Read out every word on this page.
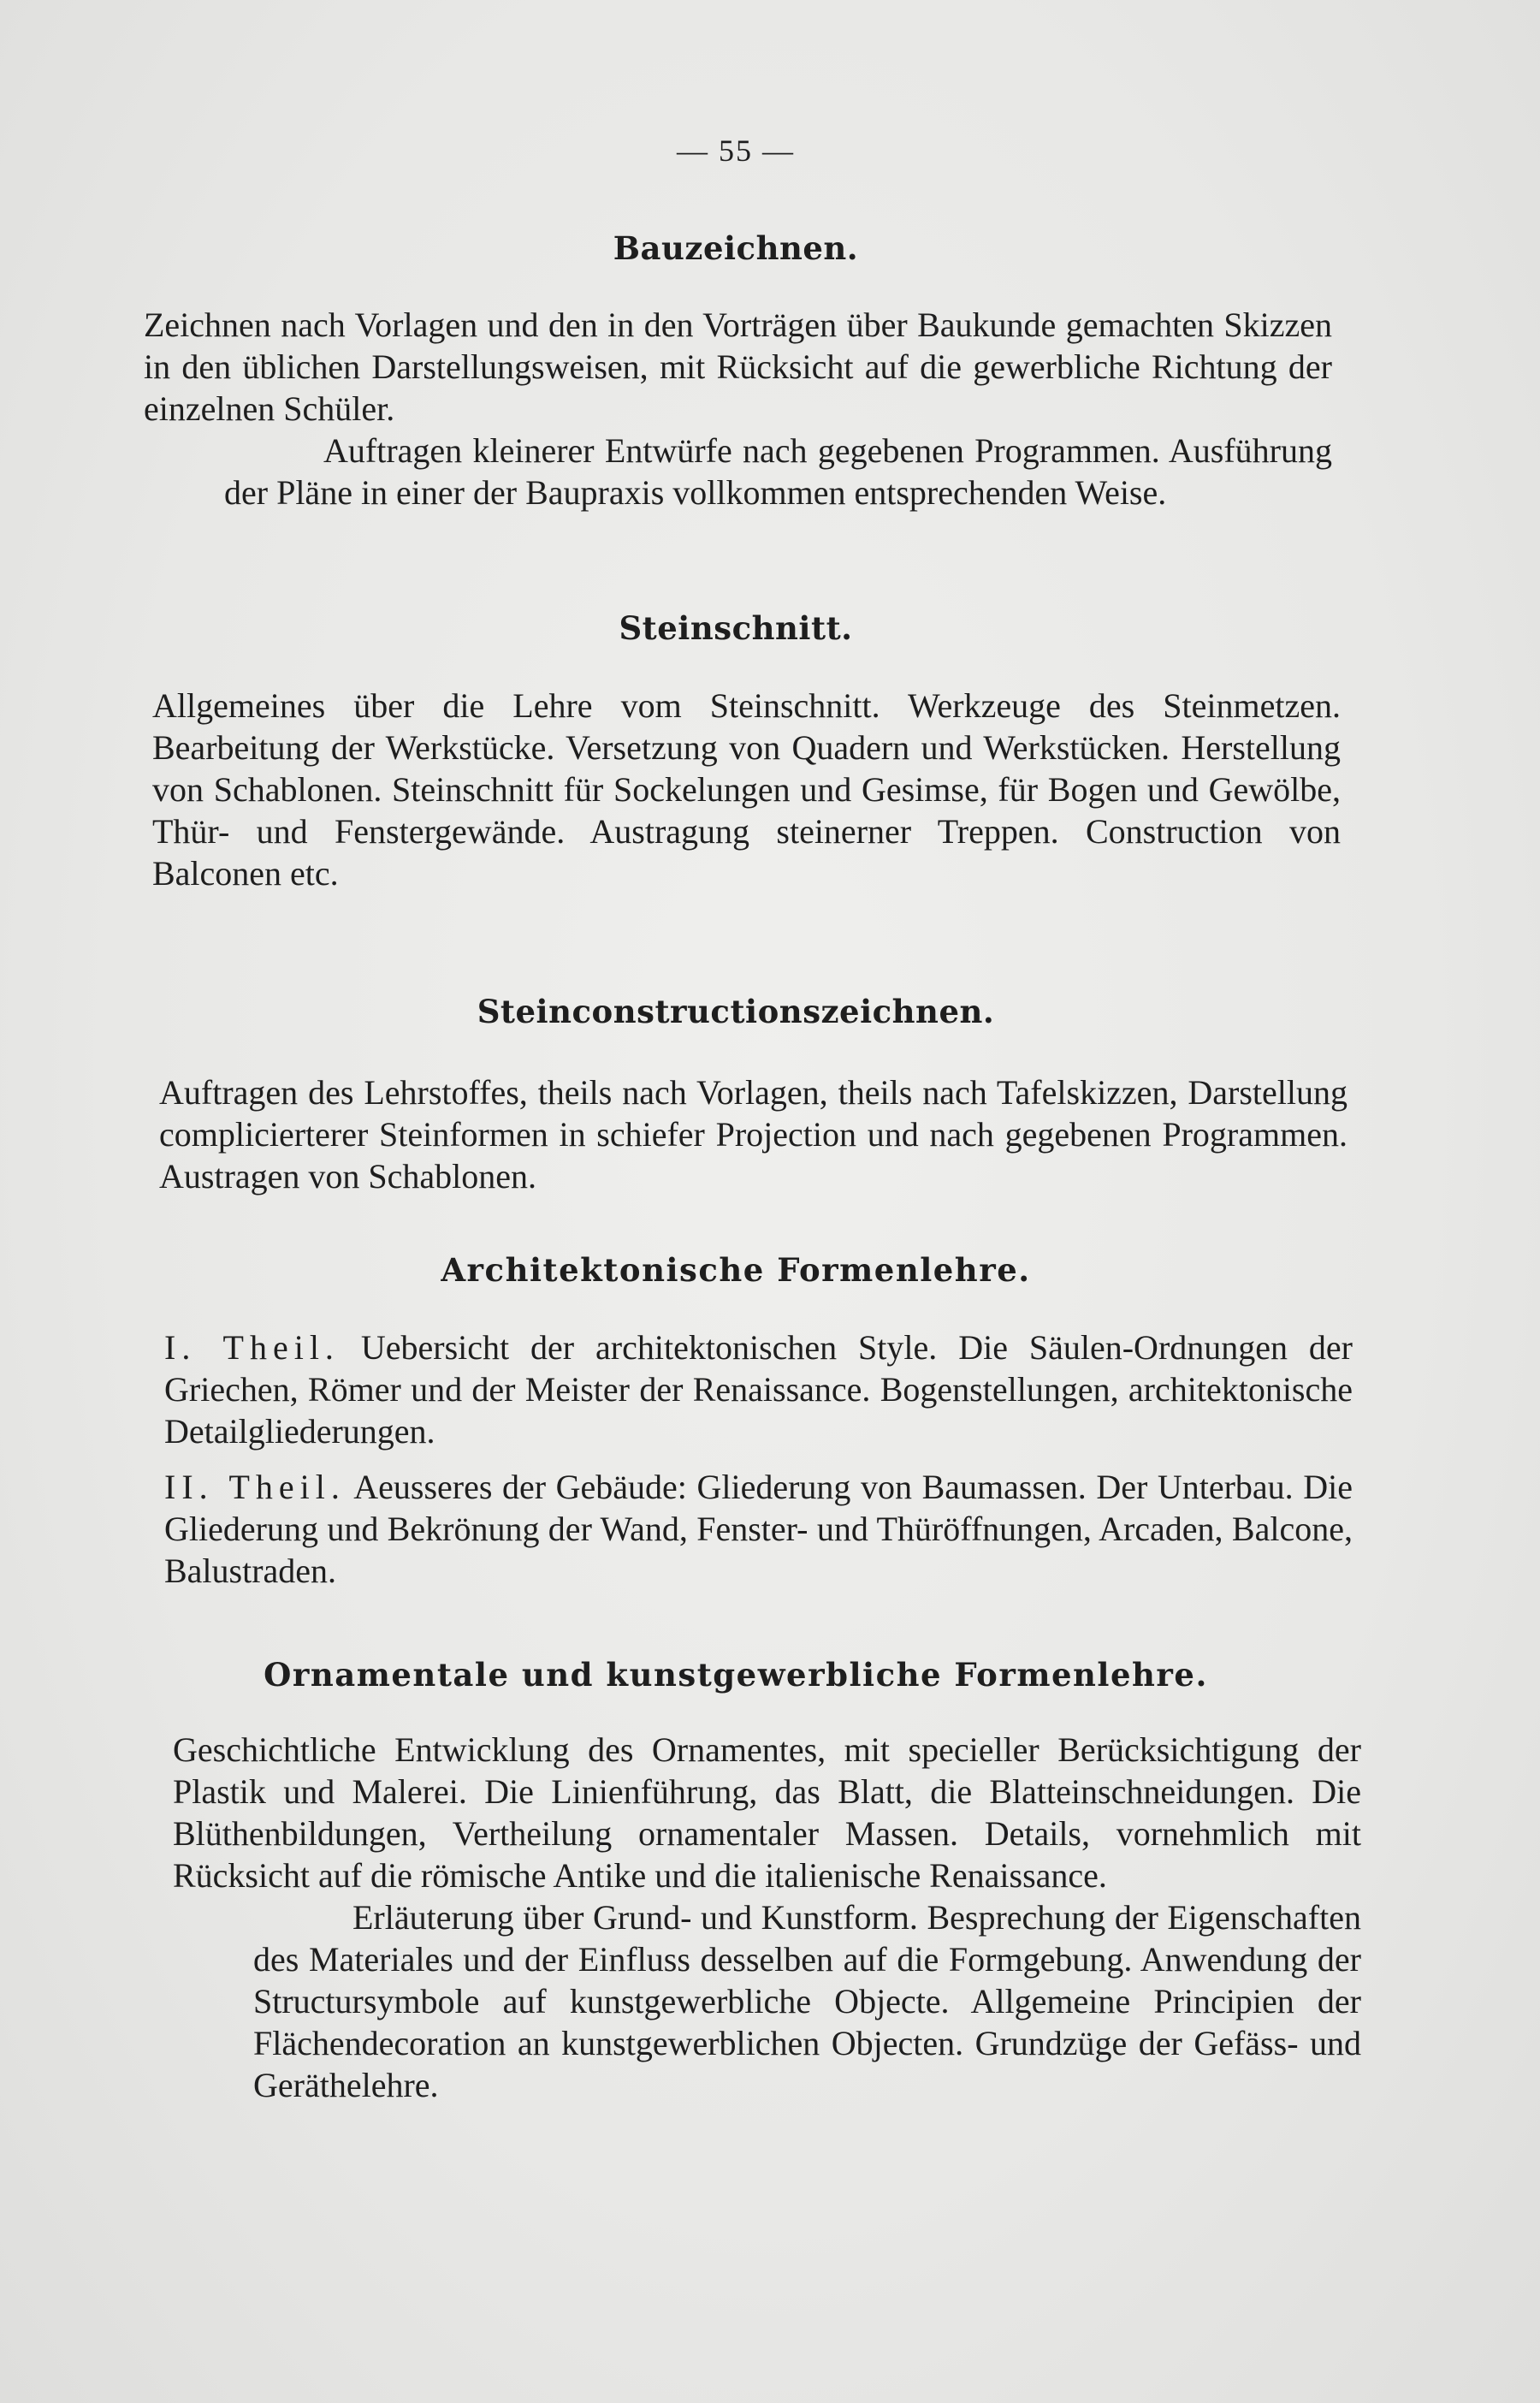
— 55 —
Bauzeichnen.

Zeichnen nach Vorlagen und den in den Vorträgen über Baukunde gemachten Skizzen in den üblichen Darstellungsweisen, mit Rücksicht auf die gewerbliche Richtung der einzelnen Schüler.

Auftragen kleinerer Entwürfe nach gegebenen Programmen. Ausführung der Pläne in einer der Baupraxis vollkommen entsprechenden Weise.

Steinschnitt.

Allgemeines über die Lehre vom Steinschnitt. Werkzeuge des Steinmetzen. Bearbeitung der Werkstücke. Versetzung von Quadern und Werkstücken. Herstellung von Schablonen. Steinschnitt für Sockelungen und Gesimse, für Bogen und Gewölbe, Thür- und Fenstergewände. Austragung steinerner Treppen. Construction von Balconen etc.

Steinconstructionszeichnen.

Auftragen des Lehrstoffes, theils nach Vorlagen, theils nach Tafelskizzen, Darstellung complicierterer Steinformen in schiefer Projection und nach gegebenen Programmen. Austragen von Schablonen.

Architektonische Formenlehre.

I. Theil. Uebersicht der architektonischen Style. Die Säulen-Ordnungen der Griechen, Römer und der Meister der Renaissance. Bogenstellungen, architektonische Detailgliederungen.

II. Theil. Aeusseres der Gebäude: Gliederung von Baumassen. Der Unterbau. Die Gliederung und Bekrönung der Wand, Fenster- und Thüröffnungen, Arcaden, Balcone, Balustraden.

Ornamentale und kunstgewerbliche Formenlehre.

Geschichtliche Entwicklung des Ornamentes, mit specieller Berücksichtigung der Plastik und Malerei. Die Linienführung, das Blatt, die Blatteinschneidungen. Die Blüthenbildungen, Vertheilung ornamentaler Massen. Details, vornehmlich mit Rücksicht auf die römische Antike und die italienische Renaissance.

Erläuterung über Grund- und Kunstform. Besprechung der Eigenschaften des Materiales und der Einfluss desselben auf die Formgebung. Anwendung der Structursymbole auf kunstgewerbliche Objecte. Allgemeine Principien der Flächendecoration an kunstgewerblichen Objecten. Grundzüge der Gefäss- und Geräthelehre.
